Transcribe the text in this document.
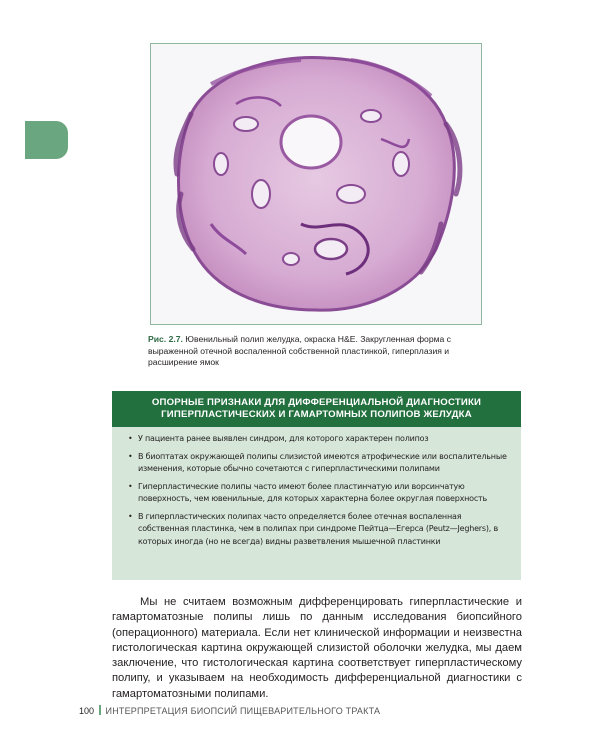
Рис. 2.7. Ювенильный полип желудка, окраска Н&Е. Закругленная форма с выраженной отечной воспаленной собственной пластинкой, гиперплазия и расширение ямок
ОПОРНЫЕ ПРИЗНАКИ ДЛЯ ДИФФЕРЕНЦИАЛЬНОЙ ДИАГНОСТИКИ
ГИПЕРПЛАСТИЧЕСКИХ И ГАМАРТОМНЫХ ПОЛИПОВ ЖЕЛУДКА
• У пациента ранее выявлен синдром, для которого характерен полипоз
• В биоптатах окружающей полипы слизистой имеются атрофические или воспалительные изменения, которые обычно сочетаются с гиперпластическими полипами
• Гиперпластические полипы часто имеют более пластинчатую или ворсинчатую поверхность, чем ювенильные, для которых характерна более округлая поверхность
• В гиперпластических полипах часто определяется более отечная воспаленная собственная пластинка, чем в полипах при синдроме Пейтца—Егерса (Peutz—Jeghers), в которых иногда (но не всегда) видны разветвления мышечной пластинки

Мы не считаем возможным дифференцировать гиперпластические и гамартоматозные полипы лишь по данным исследования биопсийного (операционного) материала. Если нет клинической информации и неизвестна гистологическая картина окружающей слизистой оболочки желудка, мы даем заключение, что гистологическая картина соответствует гиперпластическому полипу, и указываем на необходимость дифференциальной диагностики с гамартоматозными полипами.

100 ИНТЕРПРЕТАЦИЯ БИОПСИЙ ПИЩЕВАРИТЕЛЬНОГО ТРАКТА
